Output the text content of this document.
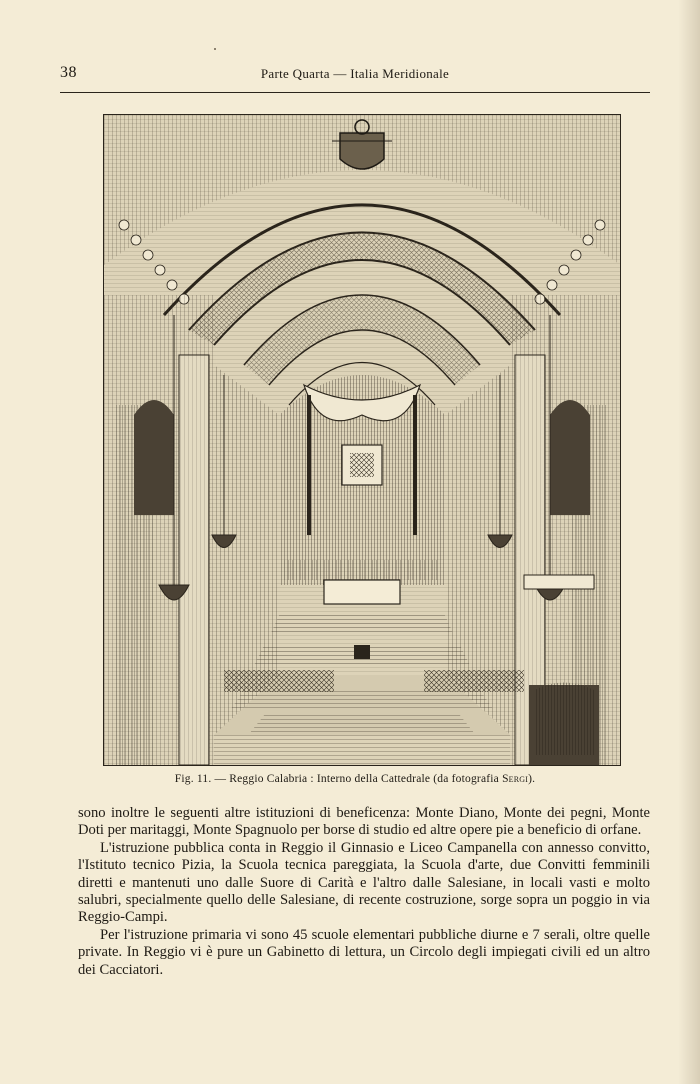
38	Parte Quarta — Italia Meridionale
Fig. 11. — Reggio Calabria : Interno della Cattedrale (da fotografia Sergi).

sono inoltre le seguenti altre istituzioni di beneficenza: Monte Diano, Monte dei pegni, Monte Doti per maritaggi, Monte Spagnuolo per borse di studio ed altre opere pie a beneficio di orfane.

L'istruzione pubblica conta in Reggio il Ginnasio e Liceo Campanella con annesso convitto, l'Istituto tecnico Pizia, la Scuola tecnica pareggiata, la Scuola d'arte, due Convitti femminili diretti e mantenuti uno dalle Suore di Carità e l'altro dalle Salesiane, in locali vasti e molto salubri, specialmente quello delle Salesiane, di recente costruzione, sorge sopra un poggio in via Reggio-Campi.

Per l'istruzione primaria vi sono 45 scuole elementari pubbliche diurne e 7 serali, oltre quelle private. In Reggio vi è pure un Gabinetto di lettura, un Circolo degli impiegati civili ed un altro dei Cacciatori.
